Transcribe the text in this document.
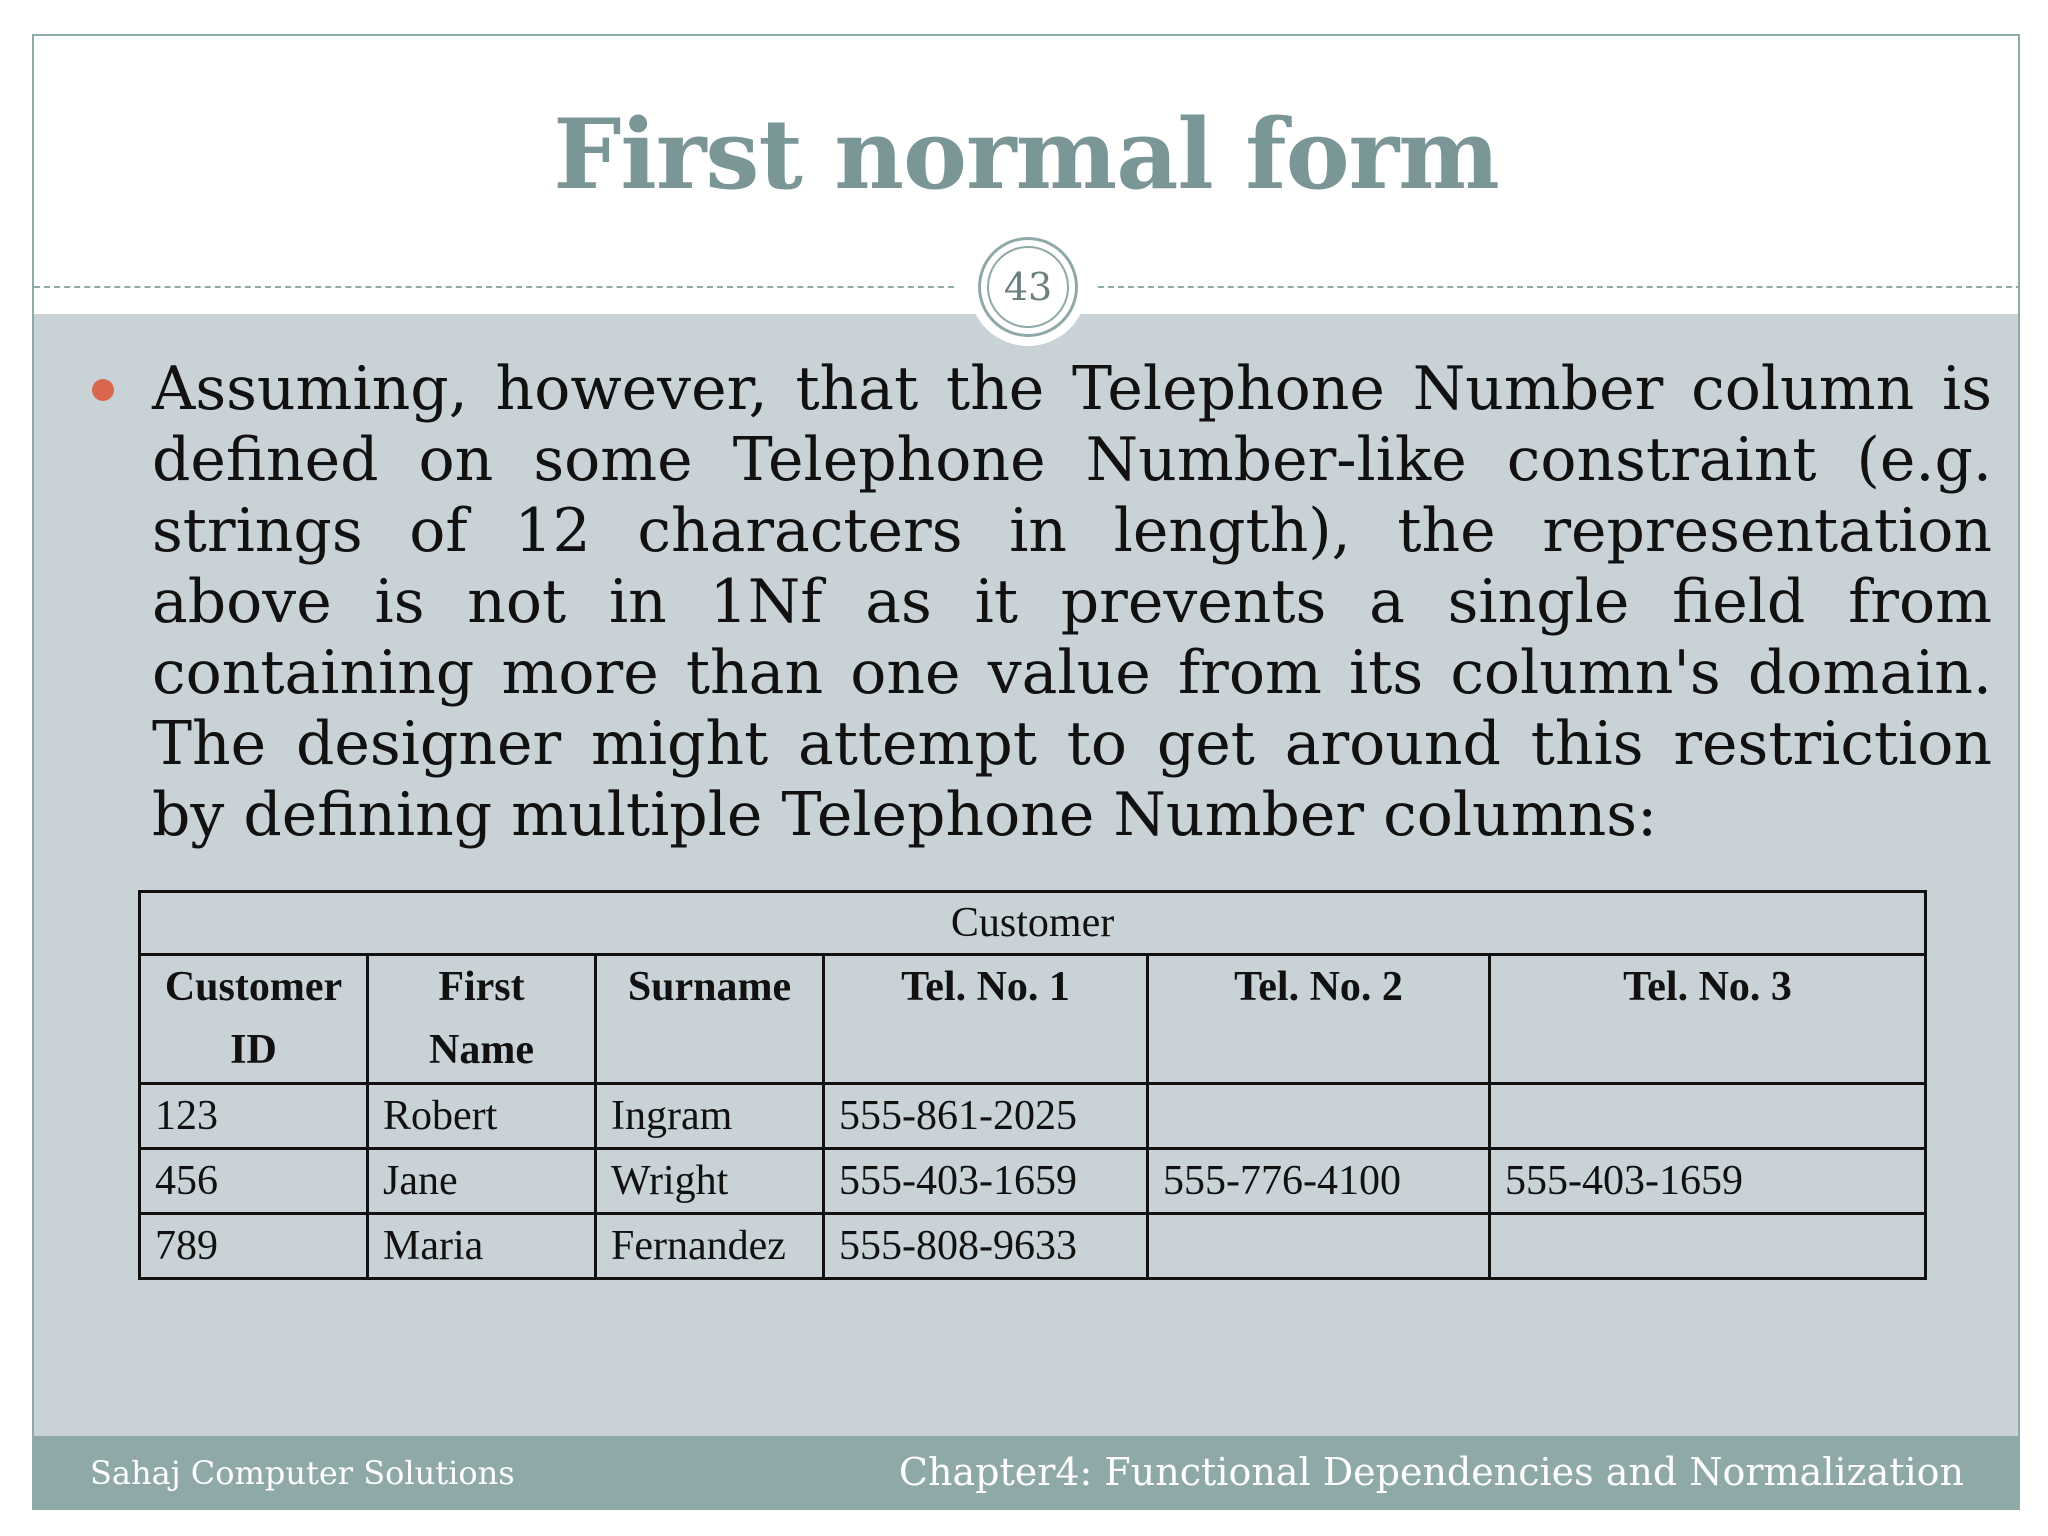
First normal form
Assuming, however, that the Telephone Number column is defined on some Telephone Number-like constraint (e.g. strings of 12 characters in length), the representation above is not in 1Nf as it prevents a single field from containing more than one value from its column's domain. The designer might attempt to get around this restriction by defining multiple Telephone Number columns:
Customer					
Customer ID	First Name	Surname	Tel. No. 1	Tel. No. 2	Tel. No. 3
123	Robert	Ingram	555-861-2025		
456	Jane	Wright	555-403-1659	555-776-4100	555-403-1659
789	Maria	Fernandez	555-808-9633		
43
Sahaj Computer Solutions	Chapter4: Functional Dependencies and Normalization
